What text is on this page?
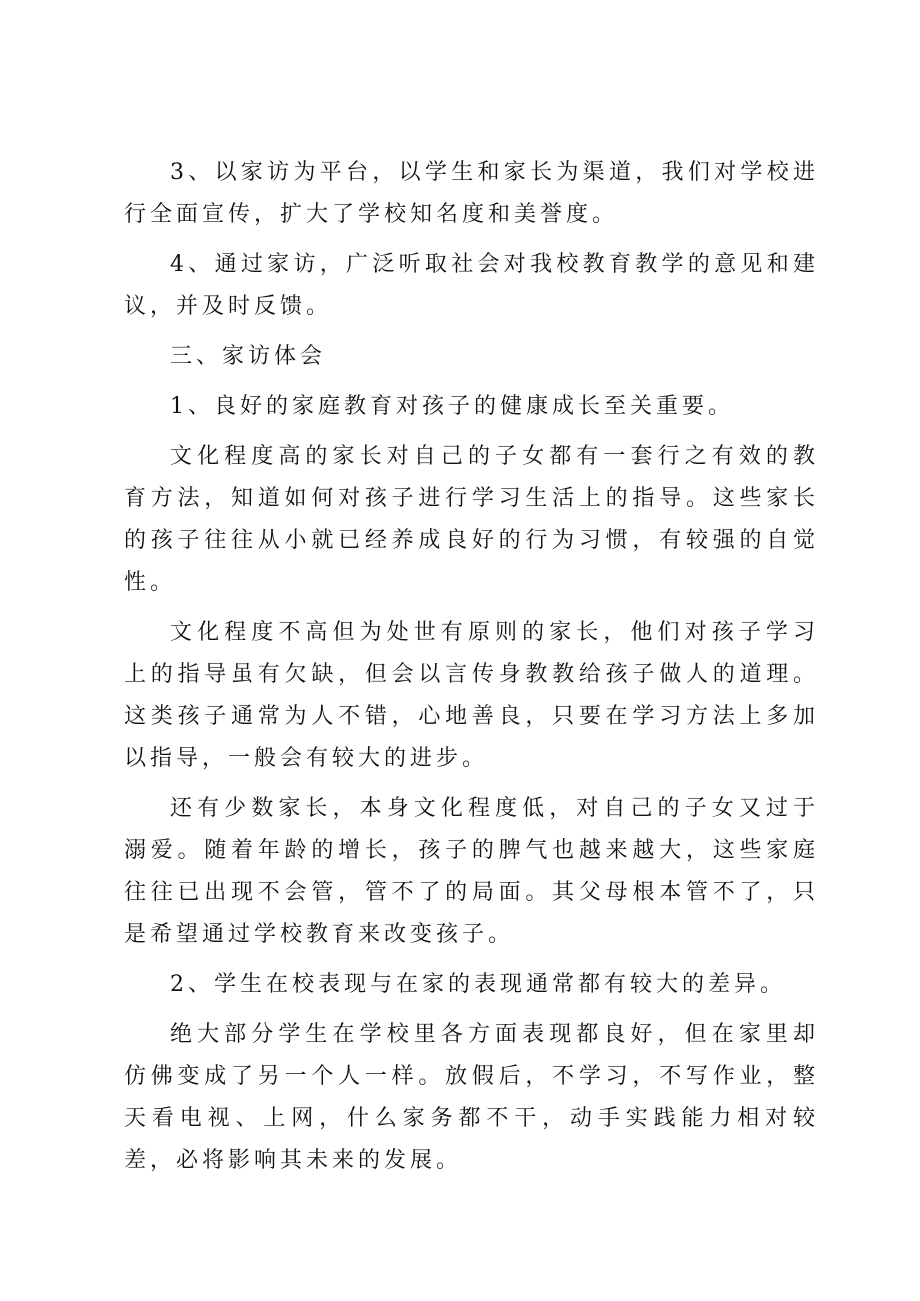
3、以家访为平台，以学生和家长为渠道，我们对学校进行全面宣传，扩大了学校知名度和美誉度。

4、通过家访，广泛听取社会对我校教育教学的意见和建议，并及时反馈。

三、家访体会

1、良好的家庭教育对孩子的健康成长至关重要。

文化程度高的家长对自己的子女都有一套行之有效的教育方法，知道如何对孩子进行学习生活上的指导。这些家长的孩子往往从小就已经养成良好的行为习惯，有较强的自觉性。

文化程度不高但为处世有原则的家长，他们对孩子学习上的指导虽有欠缺，但会以言传身教教给孩子做人的道理。这类孩子通常为人不错，心地善良，只要在学习方法上多加以指导，一般会有较大的进步。

还有少数家长，本身文化程度低，对自己的子女又过于溺爱。随着年龄的增长，孩子的脾气也越来越大，这些家庭往往已出现不会管，管不了的局面。其父母根本管不了，只是希望通过学校教育来改变孩子。

2、学生在校表现与在家的表现通常都有较大的差异。

绝大部分学生在学校里各方面表现都良好，但在家里却仿佛变成了另一个人一样。放假后，不学习，不写作业，整天看电视、上网，什么家务都不干，动手实践能力相对较差，必将影响其未来的发展。
